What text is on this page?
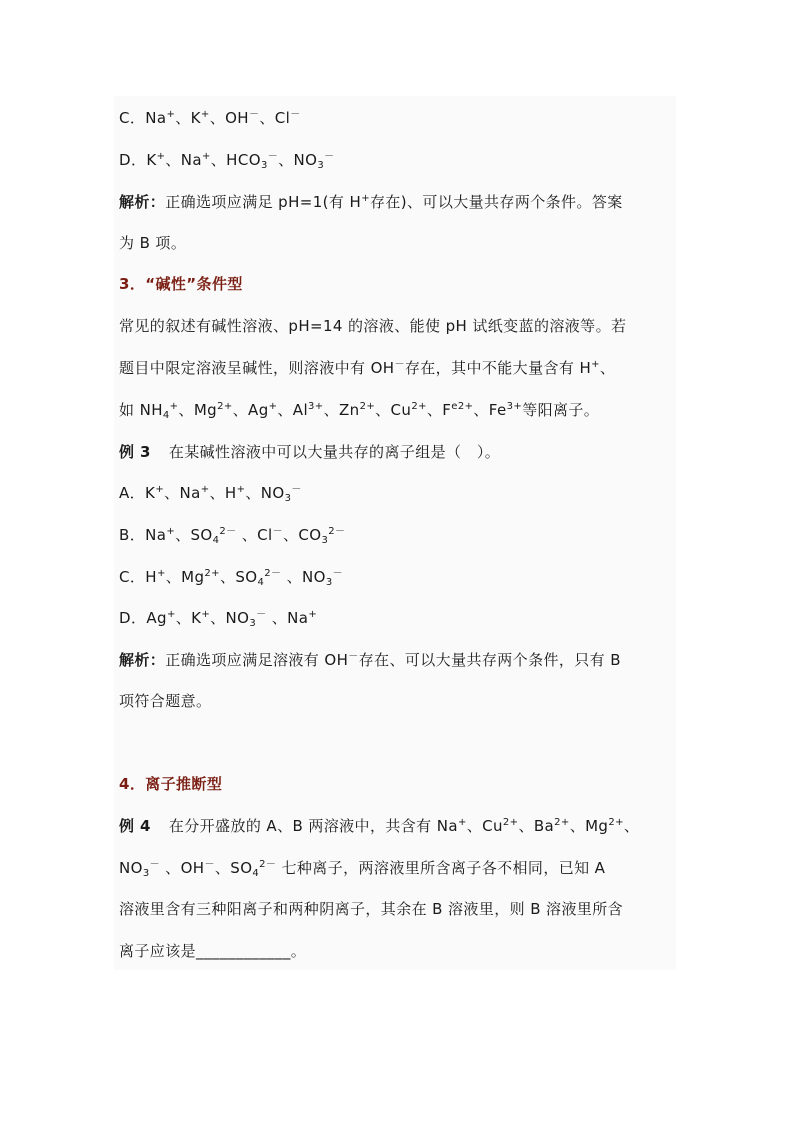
C．Na+、K+、OH－、Cl－
D．K+、Na+、$HCO_3^-$、$NO_3^-$
解析：正确选项应满足 pH=1(有 H+存在)、可以大量共存两个条件。答案
为 B 项。
3．“碱性”条件型
常见的叙述有碱性溶液、pH=14 的溶液、能使 pH 试纸变蓝的溶液等。若
题目中限定溶液呈碱性，则溶液中有 OH－存在，其中不能大量含有 H+、
如 $NH_4^+$、$Mg^{2+}$、Ag+、$Al^{3+}$、$Zn^{2+}$、$Cu^{2+}$、$F^{e2+}$、$Fe^{3+}$等阳离子。
例 3 在某碱性溶液中可以大量共存的离子组是（　）。
A．K+、Na+、H+、$NO_3^-$
B．Na+、$SO_4^{2-}$ 、Cl－、$CO_3^{2-}$
C．H+、$Mg^{2+}$、$SO_4^{2-}$ 、$NO_3^-$
D．Ag+、K+、$NO_3^-$ 、Na+
解析：正确选项应满足溶液有 OH－存在、可以大量共存两个条件，只有 B
项符合题意。
4．离子推断型
例 4 在分开盛放的 A、B 两溶液中，共含有 Na+、$Cu^{2+}$、$Ba^{2+}$、$Mg^{2+}$、
$NO_3^-$ 、OH－、$SO_4^{2-}$ 七种离子，两溶液里所含离子各不相同，已知 A
溶液里含有三种阳离子和两种阴离子，其余在 B 溶液里，则 B 溶液里所含
离子应该是____________。
